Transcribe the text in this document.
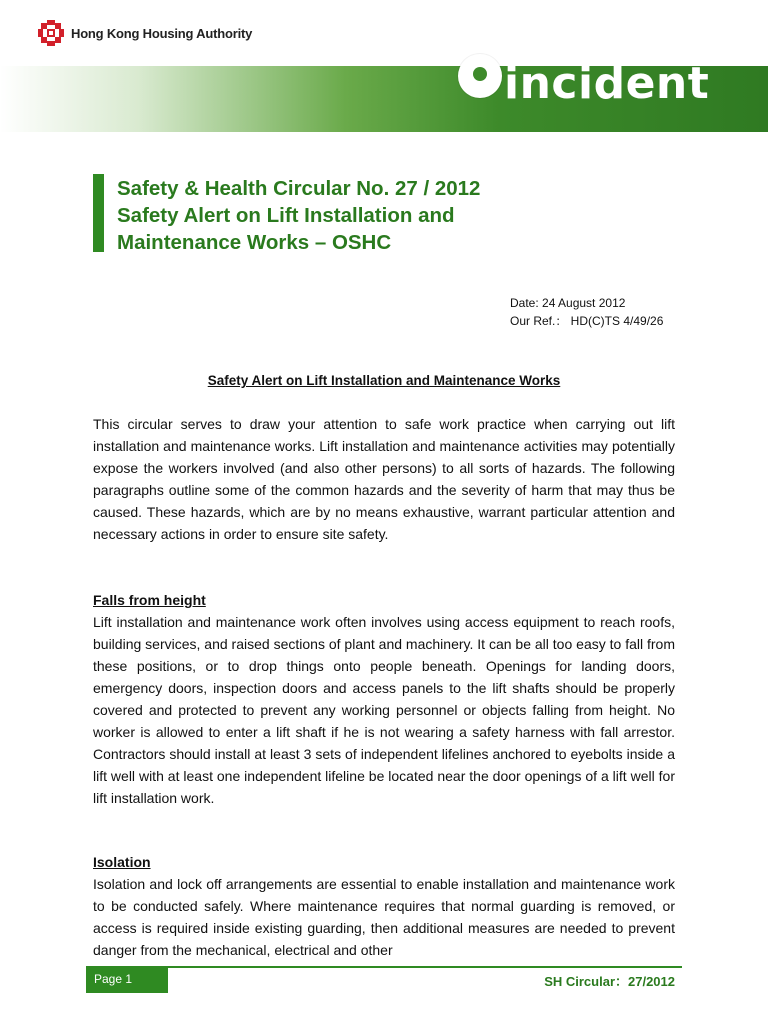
Hong Kong Housing Authority
incident
Safety & Health Circular No. 27 / 2012
Safety Alert on Lift Installation and
Maintenance Works – OSHC
Date: 24 August 2012
Our Ref.： HD(C)TS 4/49/26
Safety Alert on Lift Installation and Maintenance Works

This circular serves to draw your attention to safe work practice when carrying out lift installation and maintenance works. Lift installation and maintenance activities may potentially expose the workers involved (and also other persons) to all sorts of hazards. The following paragraphs outline some of the common hazards and the severity of harm that may thus be caused. These hazards, which are by no means exhaustive, warrant particular attention and necessary actions in order to ensure site safety.

Falls from height

Lift installation and maintenance work often involves using access equipment to reach roofs, building services, and raised sections of plant and machinery. It can be all too easy to fall from these positions, or to drop things onto people beneath. Openings for landing doors, emergency doors, inspection doors and access panels to the lift shafts should be properly covered and protected to prevent any working personnel or objects falling from height. No worker is allowed to enter a lift shaft if he is not wearing a safety harness with fall arrestor. Contractors should install at least 3 sets of independent lifelines anchored to eyebolts inside a lift well with at least one independent lifeline be located near the door openings of a lift well for lift installation work.

Isolation

Isolation and lock off arrangements are essential to enable installation and maintenance work to be conducted safely. Where maintenance requires that normal guarding is removed, or access is required inside existing guarding, then additional measures are needed to prevent danger from the mechanical, electrical and other

Page 1	SH Circular：27/2012
